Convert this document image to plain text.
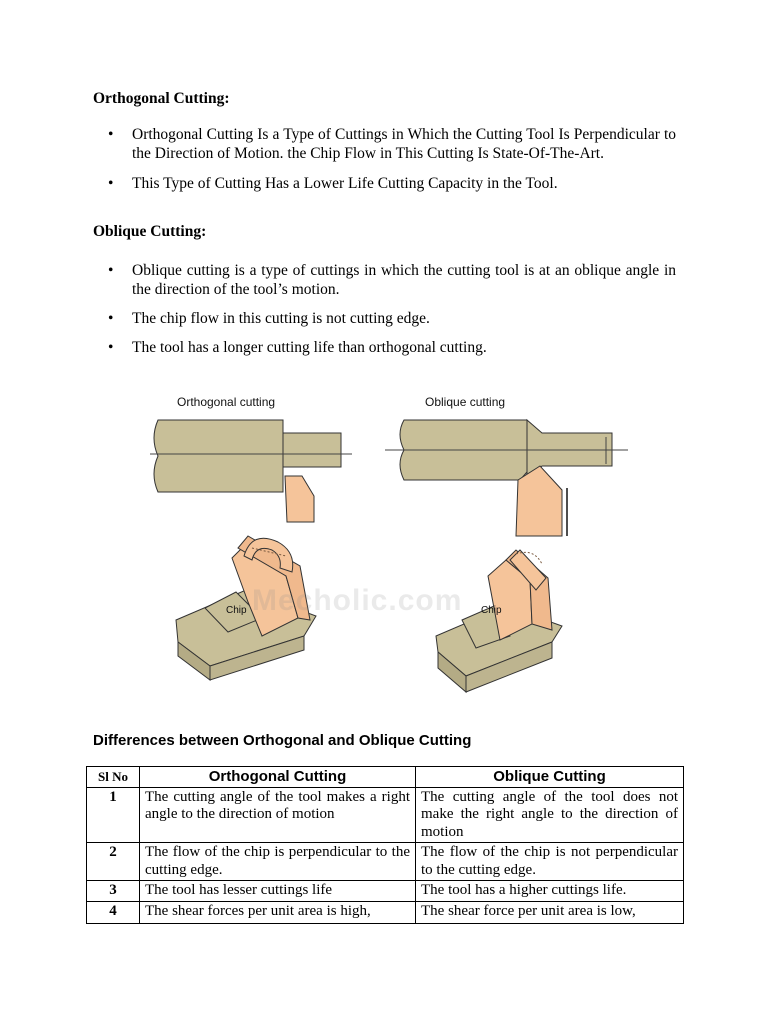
Orthogonal Cutting:
• Orthogonal Cutting Is a Type of Cuttings in Which the Cutting Tool Is Perpendicular to the Direction of Motion. the Chip Flow in This Cutting Is State-Of-The-Art.
• This Type of Cutting Has a Lower Life Cutting Capacity in the Tool.
Oblique Cutting:
• Oblique cutting is a type of cuttings in which the cutting tool is at an oblique angle in the direction of the tool’s motion.
• The chip flow in this cutting is not cutting edge.
• The tool has a longer cutting life than orthogonal cutting.
Orthogonal cutting	Oblique cutting
Chip	Chip
Mecholic.com
Differences between Orthogonal and Oblique Cutting
Sl No	Orthogonal Cutting	Oblique Cutting
1	The cutting angle of the tool makes a right angle to the direction of motion	The cutting angle of the tool does not make the right angle to the direction of motion
2	The flow of the chip is perpendicular to the cutting edge.	The flow of the chip is not perpendicular to the cutting edge.
3	The tool has lesser cuttings life	The tool has a higher cuttings life.
4	The shear forces per unit area is high,	The shear force per unit area is low,
